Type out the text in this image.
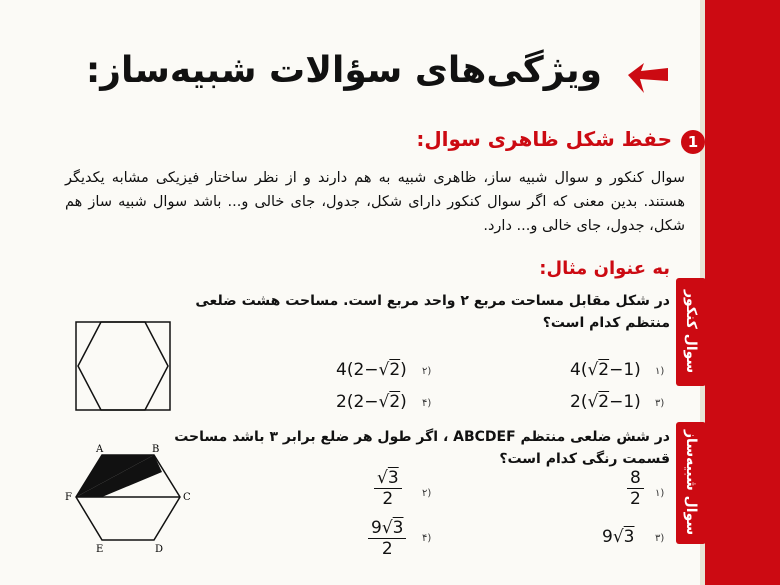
ویژگی‌های سؤالات شبیه‌ساز:
1
حفظ شکل ظاهری سوال:
سوال کنکور و سوال شبیه ساز، ظاهری شبیه به هم دارند و از نظر ساختار فیزیکی مشابه یکدیگر هستند. بدین معنی که اگر سوال کنکور دارای شکل، جدول، جای خالی و... باشد سوال شبیه ساز هم شکل، جدول، جای خالی و... دارد.
به عنوان مثال:
سوال کنکور
سوال شبیه‌ساز
در شکل مقابل مساحت مربع ۲ واحد مربع است. مساحت هشت ضلعی منتظم کدام است؟
۱)
4(√2−1)
۲)
4(2−√2)
۳)
2(√2−1)
۴)
2(2−√2)
در شش ضلعی منتظم ABCDEF ، اگر طول هر ضلع برابر ۳ باشد مساحت قسمت رنگی کدام است؟
A	B
C
D
E
F	۱)
$\frac{8}{2}$
۲)
$\frac{√3}{2}$
۳)
9√3
۴)
$\frac{9√3}{2}$
